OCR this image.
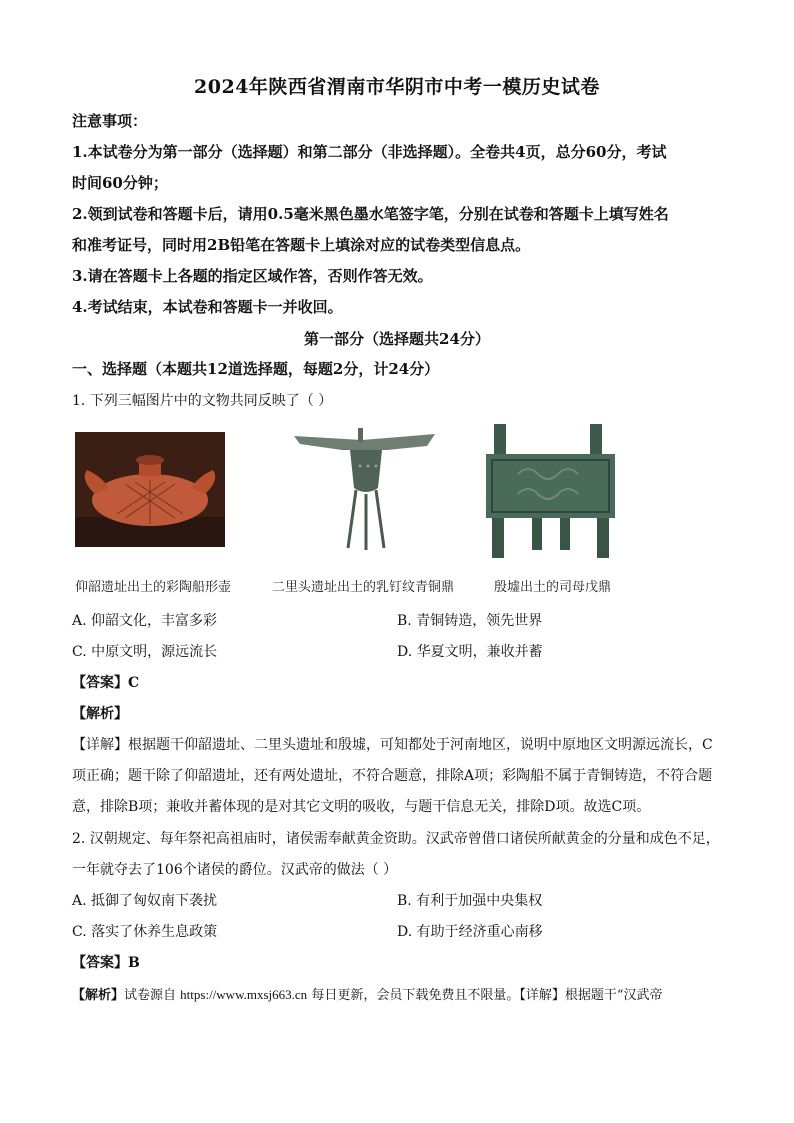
2024年陕西省渭南市华阴市中考一模历史试卷
注意事项：
1.本试卷分为第一部分（选择题）和第二部分（非选择题）。全卷共4页，总分60分，考试
时间60分钟；
2.领到试卷和答题卡后，请用0.5毫米黑色墨水笔签字笔，分别在试卷和答题卡上填写姓名
和准考证号，同时用2B铅笔在答题卡上填涂对应的试卷类型信息点。
3.请在答题卡上各题的指定区域作答，否则作答无效。
4.考试结束，本试卷和答题卡一并收回。
第一部分（选择题共24分）
一、选择题（本题共12道选择题，每题2分，计24分）
1. 下列三幅图片中的文物共同反映了（ ）
仰韶遗址出土的彩陶船形壶	二里头遗址出土的乳钉纹青铜鼎	殷墟出土的司母戊鼎
A. 仰韶文化，丰富多彩	B. 青铜铸造，领先世界
C. 中原文明，源远流长	D. 华夏文明，兼收并蓄
【答案】C
【解析】
【详解】根据题干仰韶遗址、二里头遗址和殷墟，可知都处于河南地区，说明中原地区文明源远流长，C
项正确；题干除了仰韶遗址，还有两处遗址，不符合题意，排除A项；彩陶船不属于青铜铸造，不符合题
意，排除B项；兼收并蓄体现的是对其它文明的吸收，与题干信息无关，排除D项。故选C项。
2. 汉朝规定、每年祭祀高祖庙时，诸侯需奉献黄金资助。汉武帝曾借口诸侯所献黄金的分量和成色不足，
一年就夺去了106个诸侯的爵位。汉武帝的做法（ ）
A. 抵御了匈奴南下袭扰	B. 有利于加强中央集权
C. 落实了休养生息政策	D. 有助于经济重心南移
【答案】B
【解析】试卷源自 https://www.mxsj663.cn 每日更新，会员下载免费且不限量。【详解】根据题干“汉武帝
